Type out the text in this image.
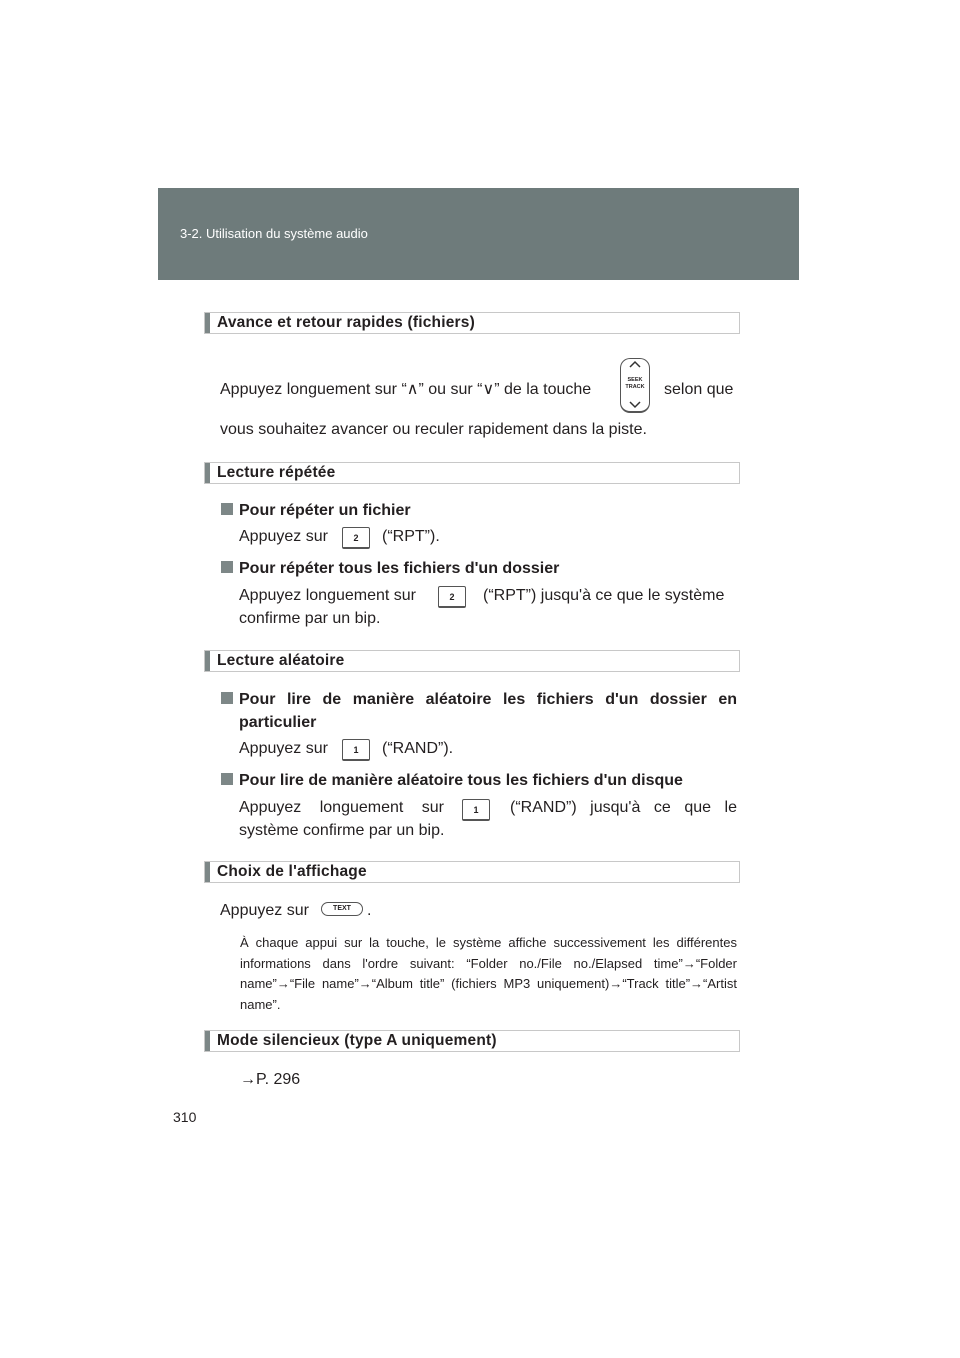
3-2. Utilisation du système audio
Avance et retour rapides (fichiers)
Appuyez longuement sur “∧” ou sur “∨” de la touche
SEEK
TRACK selon que
vous souhaitez avancer ou reculer rapidement dans la piste.
Lecture répétée
Pour répéter un fichier
Appuyez sur	2	(“RPT”).
Pour répéter tous les fichiers d'un dossier
Appuyez longuement sur	2	(“RPT”) jusqu'à ce que le système
confirme par un bip.
Lecture aléatoire
Pour lire de manière aléatoire les fichiers d'un dossier en
particulier
Appuyez sur	1	(“RAND”).
Pour lire de manière aléatoire tous les fichiers d'un disque
Appuyez longuement sur	1	(“RAND”) jusqu'à ce que le
système confirme par un bip.
Choix de l'affichage
Appuyez sur	TEXT	.
À chaque appui sur la touche, le système affiche successivement les différentes informations dans l'ordre suivant: “Folder no./File no./Elapsed time”→“Folder name”→“File name”→“Album title” (fichiers MP3 uniquement)→“Track title”→“Artist name”.
Mode silencieux (type A uniquement)
→P. 296
310
